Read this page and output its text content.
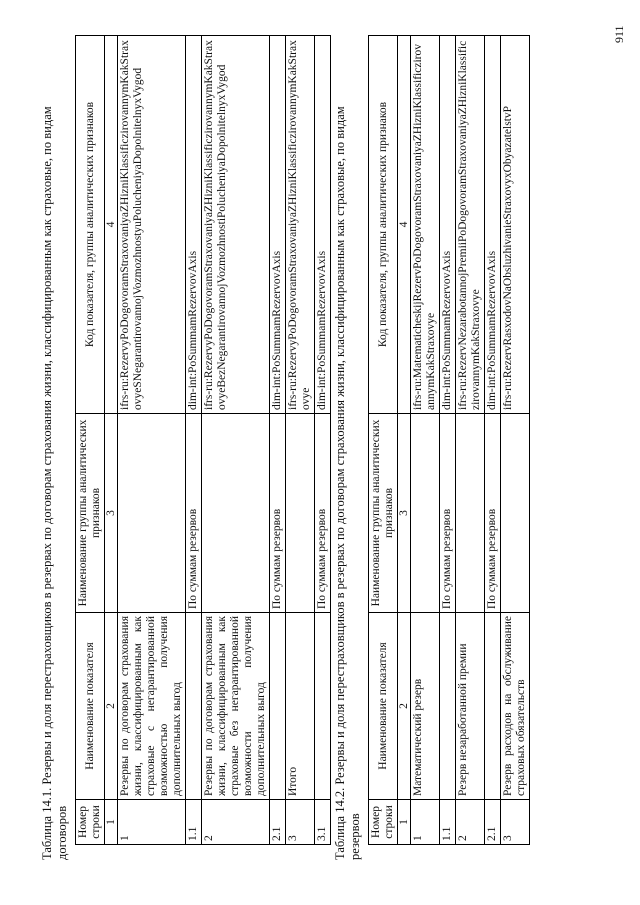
Таблица 14.1. Резервы и доля перестраховщиков в резервах по договорам страхования жизни, классифицированным как страховые, по видам договоров Номер строки	Наименование показателя	Наименование группы аналитических признаков	Код показателя, группы аналитических признаков
1	2	3	4
1	Резервы по договорам страхования жизни, классифицированным как страховые с негарантированной возможностью получения дополнительных выгод		ifrs-ru:RezervyPoDogovoramStraxovaniyaZHizniKlassificzirovannymKakStraxovyeSNegarantirovannojVozmozhnostyuPolucheniyaDopolnitelnyxVygod
1.1		По суммам резервов	dim-int:PoSummamRezervovAxis
2	Резервы по договорам страхования жизни, классифицированным как страховые без негарантированной возможности получения дополнительных выгод		ifrs-ru:RezervyPoDogovoramStraxovaniyaZHizniKlassificzirovannymKakStraxovyeBezNegarantirovannojVozmozhnostiPolucheniyaDopolnitelnyxVygod
2.1		По суммам резервов	dim-int:PoSummamRezervovAxis
3	Итого		ifrs-ru:RezervyPoDogovoramStraxovaniyaZHizniKlassificzirovannymKakStraxovye
3.1		По суммам резервов	dim-int:PoSummamRezervovAxis Таблица 14.2. Резервы и доля перестраховщиков в резервах по договорам страхования жизни, классифицированным как страховые, по видам резервов Номер строки	Наименование показателя	Наименование группы аналитических признаков	Код показателя, группы аналитических признаков
1	2	3	4
1	Математический резерв		ifrs-ru:MatematicheskijRezervPoDogovoramStraxovaniyaZHizniKlassificzirovannymKakStraxovye
1.1		По суммам резервов	dim-int:PoSummamRezervovAxis
2	Резерв незаработанной премии		ifrs-ru:RezervNezarabotannojPremiiPoDogovoramStraxovaniyaZHizniKlassificzirovannymKakStraxovye
2.1		По суммам резервов	dim-int:PoSummamRezervovAxis
3	Резерв расходов на обслуживание страховых обязательств		ifrs-ru:RezervRasxodovNaObsluzhivanieStraxovyxObyazatelstvP
911
